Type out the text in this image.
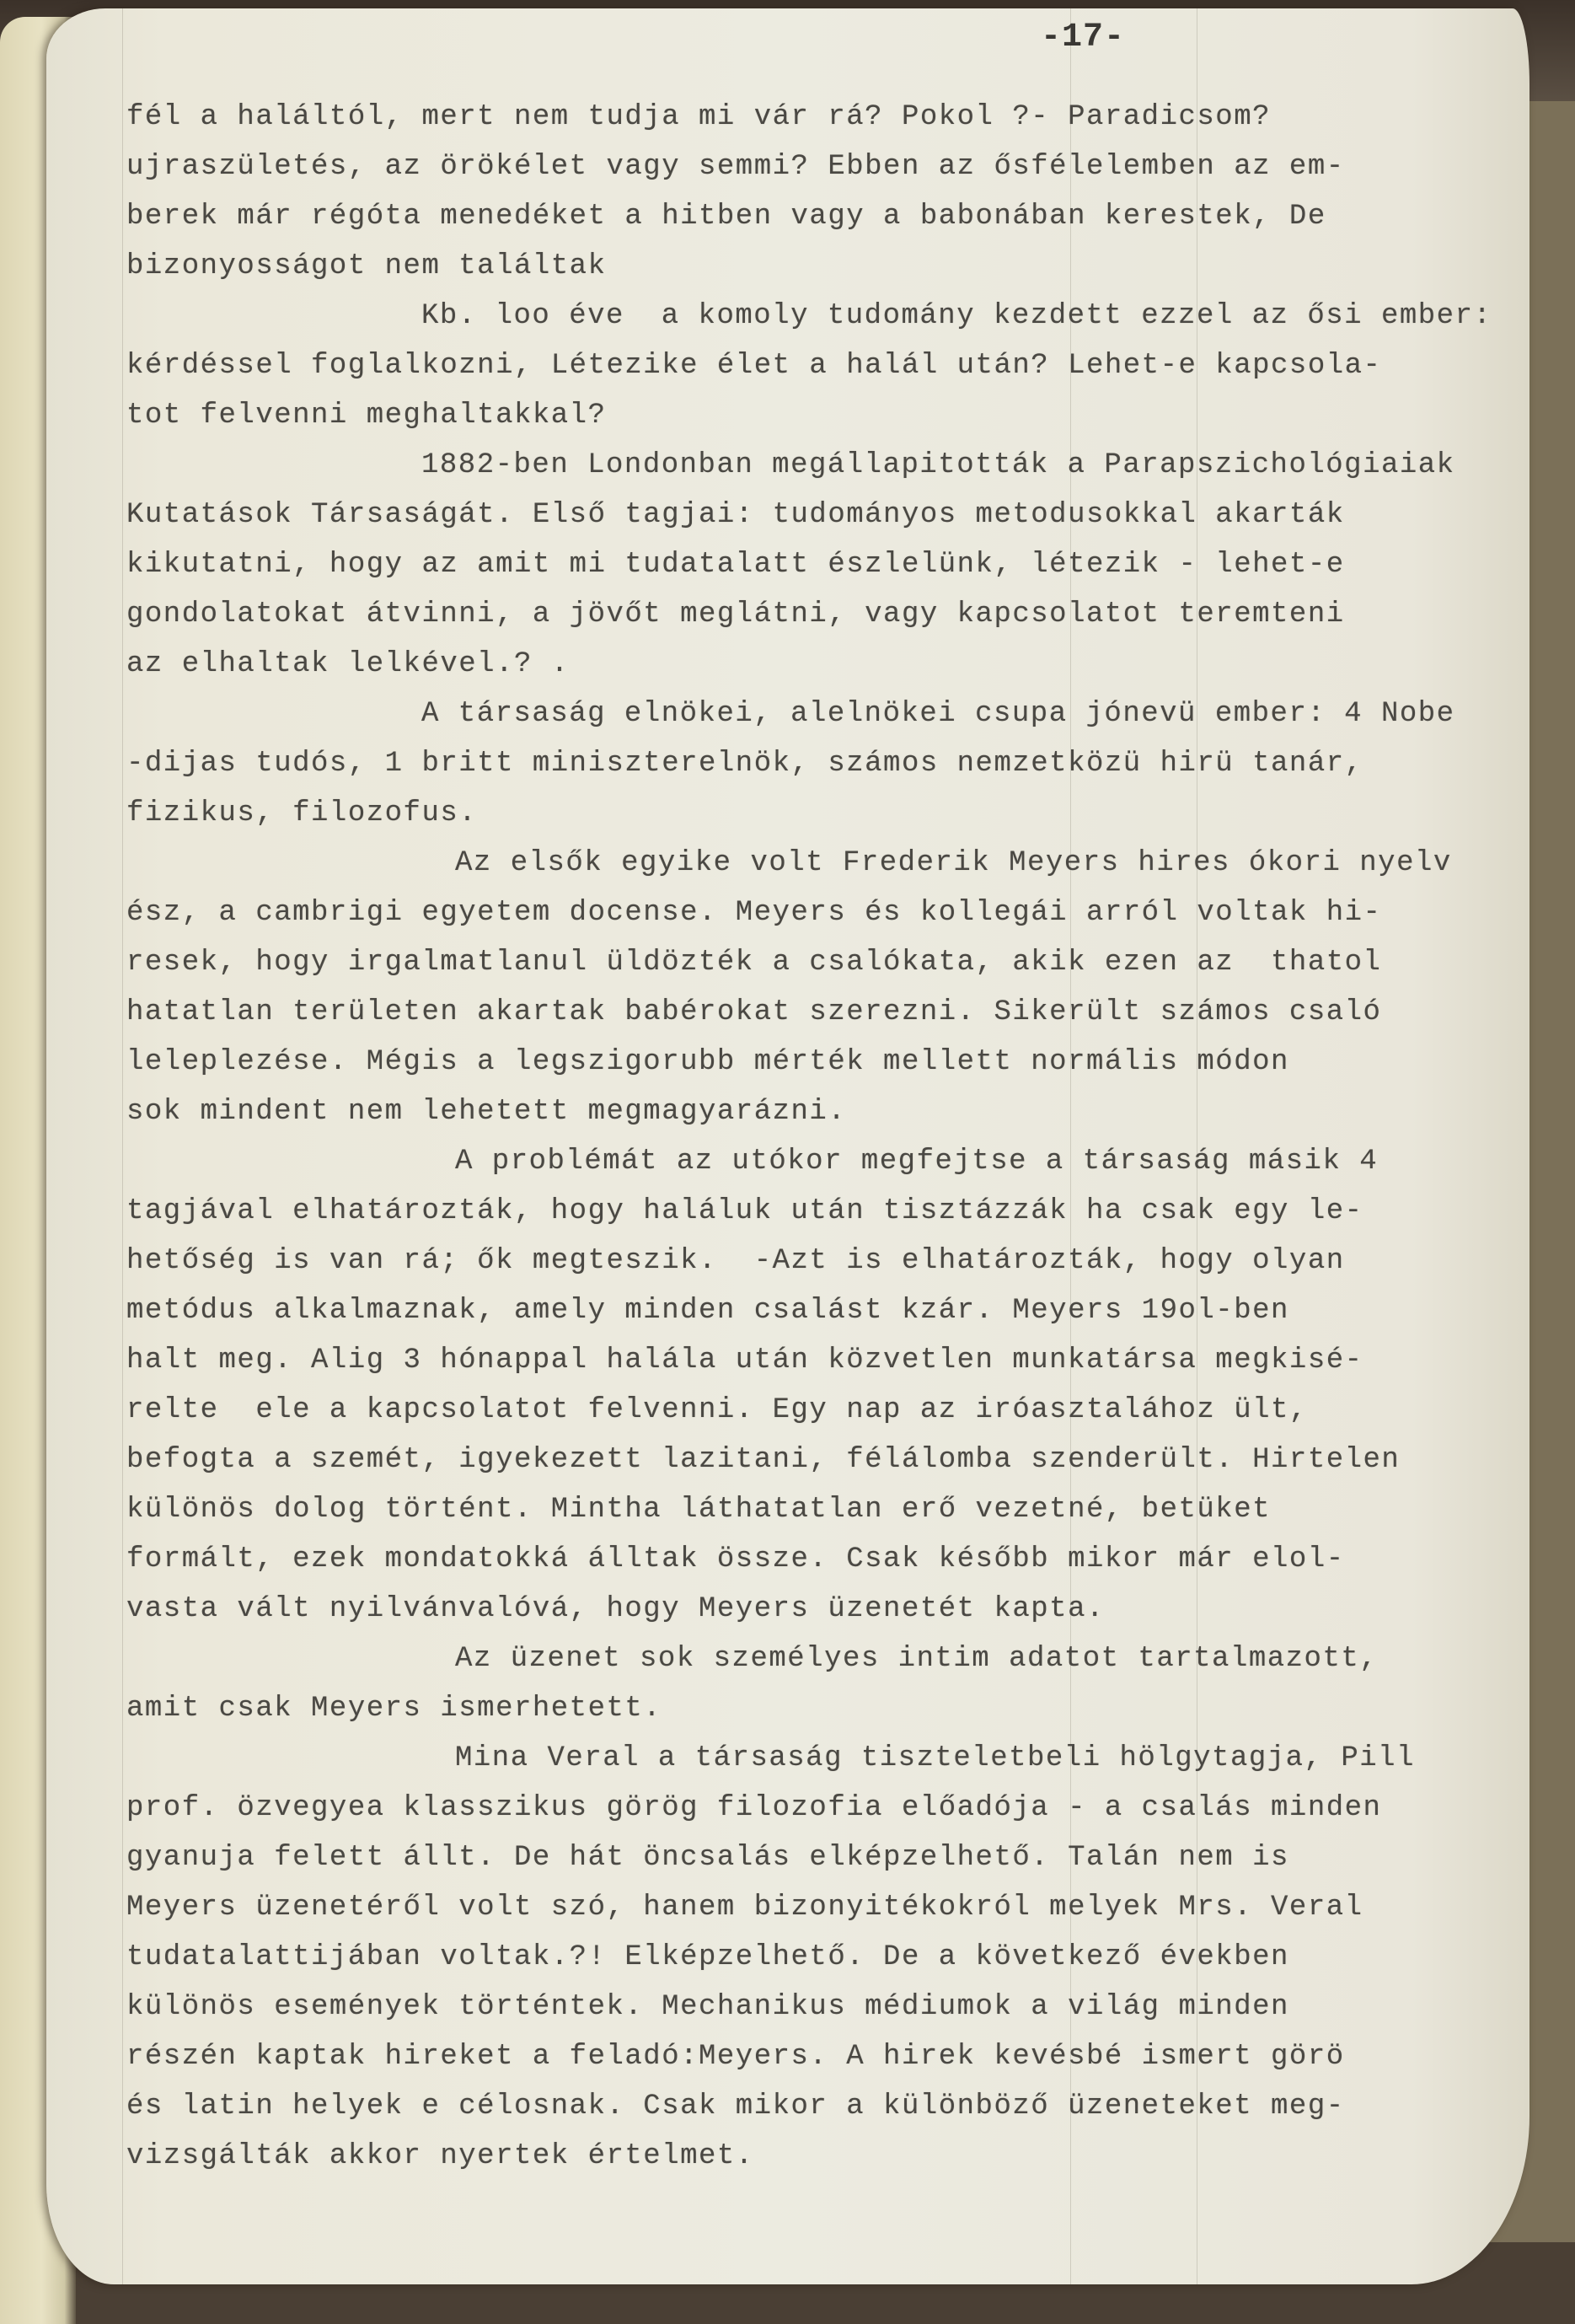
-17-
fél a haláltól, mert nem tudja mi vár rá? Pokol ?- Paradicsom?
ujraszületés, az örökélet vagy semmi? Ebben az ősfélelemben az em-
berek már régóta menedéket a hitben vagy a babonában kerestek, De
bizonyosságot nem találtak
Kb. loo éve  a komoly tudomány kezdett ezzel az ősi ember:
kérdéssel foglalkozni, Létezike élet a halál után? Lehet-e kapcsola-
tot felvenni meghaltakkal?
1882-ben Londonban megállapitották a Parapszichológiaiak
Kutatások Társaságát. Első tagjai: tudományos metodusokkal akarták
kikutatni, hogy az amit mi tudatalatt észlelünk, létezik - lehet-e
gondolatokat átvinni, a jövőt meglátni, vagy kapcsolatot teremteni
az elhaltak lelkével.? .
A társaság elnökei, alelnökei csupa jónevü ember: 4 Nobe
-dijas tudós, 1 britt miniszterelnök, számos nemzetközü hirü tanár,
fizikus, filozofus.
Az elsők egyike volt Frederik Meyers hires ókori nyelv
ész, a cambrigi egyetem docense. Meyers és kollegái arról voltak hi-
resek, hogy irgalmatlanul üldözték a csalókata, akik ezen az  thatol
hatatlan területen akartak babérokat szerezni. Sikerült számos csaló
leleplezése. Mégis a legszigorubb mérték mellett normális módon
sok mindent nem lehetett megmagyarázni.
A problémát az utókor megfejtse a társaság másik 4
tagjával elhatározták, hogy haláluk után tisztázzák ha csak egy le-
hetőség is van rá; ők megteszik.  -Azt is elhatározták, hogy olyan
metódus alkalmaznak, amely minden csalást kzár. Meyers 19ol-ben
halt meg. Alig 3 hónappal halála után közvetlen munkatársa megkisé-
relte  ele a kapcsolatot felvenni. Egy nap az iróasztalához ült,
befogta a szemét, igyekezett lazitani, félálomba szenderült. Hirtelen
különös dolog történt. Mintha láthatatlan erő vezetné, betüket
formált, ezek mondatokká álltak össze. Csak később mikor már elol-
vasta vált nyilvánvalóvá, hogy Meyers üzenetét kapta.
Az üzenet sok személyes intim adatot tartalmazott,
amit csak Meyers ismerhetett.
Mina Veral a társaság tiszteletbeli hölgytagja, Pill
prof. özvegyea klasszikus görög filozofia előadója - a csalás minden
gyanuja felett állt. De hát öncsalás elképzelhető. Talán nem is
Meyers üzenetéről volt szó, hanem bizonyitékokról melyek Mrs. Veral
tudatalattijában voltak.?! Elképzelhető. De a következő években
különös események történtek. Mechanikus médiumok a világ minden
részén kaptak hireket a feladó:Meyers. A hirek kevésbé ismert görö
és latin helyek e célosnak. Csak mikor a különböző üzeneteket meg-
vizsgálták akkor nyertek értelmet.
